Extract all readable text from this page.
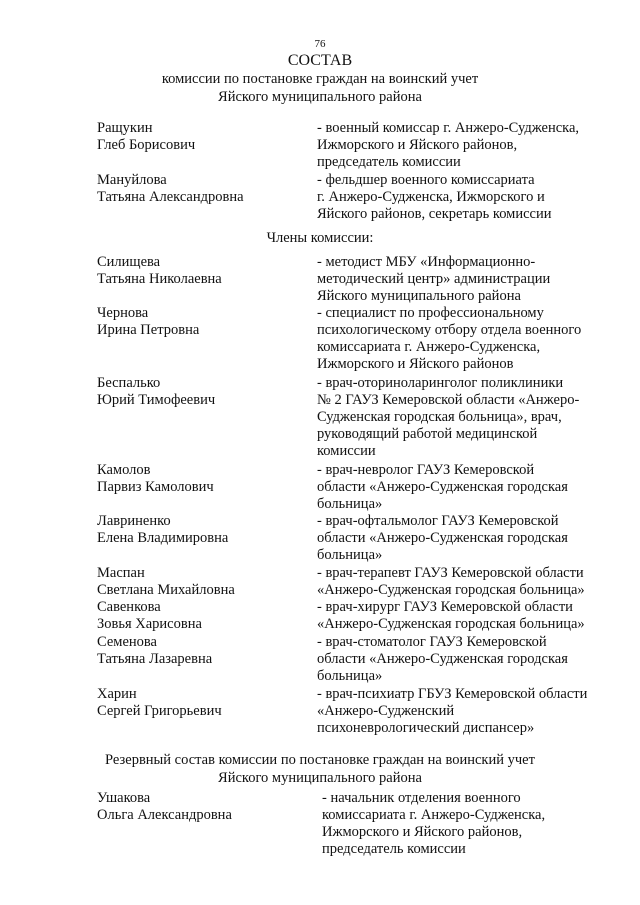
76
СОСТАВ
комиссии по постановке граждан на воинский учет
Яйского муниципального района
Члены комиссии:
Резервный состав комиссии по постановке граждан на воинский учет
Яйского муниципального района
Ращукин
Глеб Борисович
- военный комиссар г. Анжеро-Судженска,
Ижморского и Яйского районов,
председатель комиссии
Мануйлова
Татьяна Александровна
- фельдшер военного комиссариата
г. Анжеро-Судженска, Ижморского и
Яйского районов, секретарь комиссии
Силищева
Татьяна Николаевна
- методист МБУ «Информационно-
методический центр» администрации
Яйского муниципального района
Чернова
Ирина Петровна
- специалист по профессиональному
психологическому отбору отдела военного
комиссариата г. Анжеро-Судженска,
Ижморского и Яйского районов
Беспалько
Юрий Тимофеевич
- врач-оториноларинголог поликлиники
№ 2 ГАУЗ Кемеровской области «Анжеро-
Судженская городская больница», врач,
руководящий работой медицинской
комиссии
Камолов
Парвиз Камолович
- врач-невролог ГАУЗ Кемеровской
области «Анжеро-Судженская городская
больница»
Лавриненко
Елена Владимировна
- врач-офтальмолог ГАУЗ Кемеровской
области «Анжеро-Судженская городская
больница»
Маспан
Светлана Михайловна
- врач-терапевт ГАУЗ Кемеровской области
«Анжеро-Судженская городская больница»
Савенкова
Зовья Харисовна
- врач-хирург ГАУЗ Кемеровской области
«Анжеро-Судженская городская больница»
Семенова
Татьяна Лазаревна
- врач-стоматолог ГАУЗ Кемеровской
области «Анжеро-Судженская городская
больница»
Харин
Сергей Григорьевич
- врач-психиатр ГБУЗ Кемеровской области
«Анжеро-Судженский
психоневрологический диспансер»
Ушакова
Ольга Александровна
- начальник отделения военного
комиссариата г. Анжеро-Судженска,
Ижморского и Яйского районов,
председатель комиссии
